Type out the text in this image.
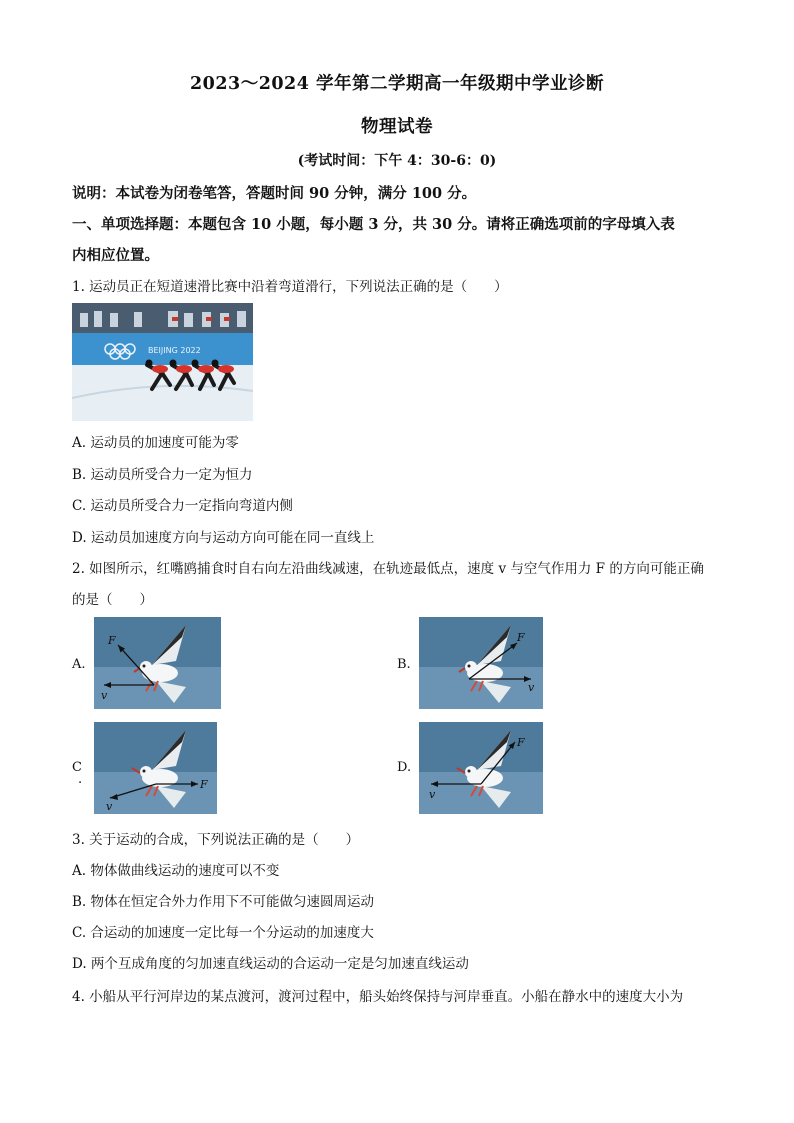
2023～2024 学年第二学期高一年级期中学业诊断
物理试卷
(考试时间：下午 4：30-6：0)
说明：本试卷为闭卷笔答，答题时间 90 分钟，满分 100 分。
一、单项选择题：本题包含 10 小题，每小题 3 分，共 30 分。请将正确选项前的字母填入表
内相应位置。
1. 运动员正在短道速滑比赛中沿着弯道滑行，下列说法正确的是（　　）
BEIJING 2022
A. 运动员的加速度可能为零
B. 运动员所受合力一定为恒力
C. 运动员所受合力一定指向弯道内侧
D. 运动员加速度方向与运动方向可能在同一直线上
2. 如图所示，红嘴鸥捕食时自右向左沿曲线减速，在轨迹最低点，速度 v 与空气作用力 F 的方向可能正确
的是（　　）
A.
F
v
B.
F
v
C
.	F
v
D.
F
v
3. 关于运动的合成，下列说法正确的是（　　）
A. 物体做曲线运动的速度可以不变
B. 物体在恒定合外力作用下不可能做匀速圆周运动
C. 合运动的加速度一定比每一个分运动的加速度大
D. 两个互成角度的匀加速直线运动的合运动一定是匀加速直线运动
4. 小船从平行河岸边的某点渡河，渡河过程中，船头始终保持与河岸垂直。小船在静水中的速度大小为
